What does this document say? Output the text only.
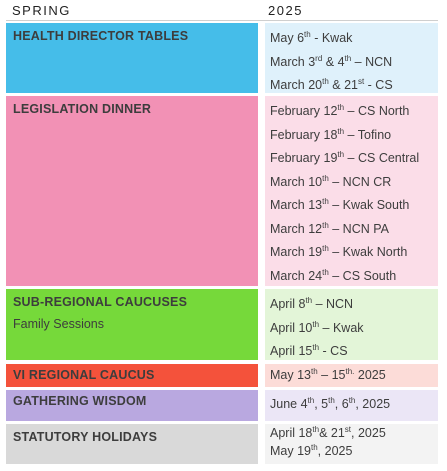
SPRING	2025
HEALTH DIRECTOR TABLES	May 6th - Kwak
March 3rd & 4th – NCN
March 20th & 21st - CS
LEGISLATION DINNER	February 12th – CS North
February 18th – Tofino
February 19th – CS Central
March 10th – NCN CR
March 13th – Kwak South
March 12th – NCN PA
March 19th – Kwak North
March 24th – CS South
SUB-REGIONAL CAUCUSES
Family Sessions
April 8th – NCN
April 10th – Kwak
April 15th - CS
VI REGIONAL CAUCUS	May $13th - 15^{th.}$ 2025
GATHERING WISDOM	June 4th, 5th, 6th, 2025
STATUTORY HOLIDAYS	April 18th& 21st, 2025
May 19th, 2025
